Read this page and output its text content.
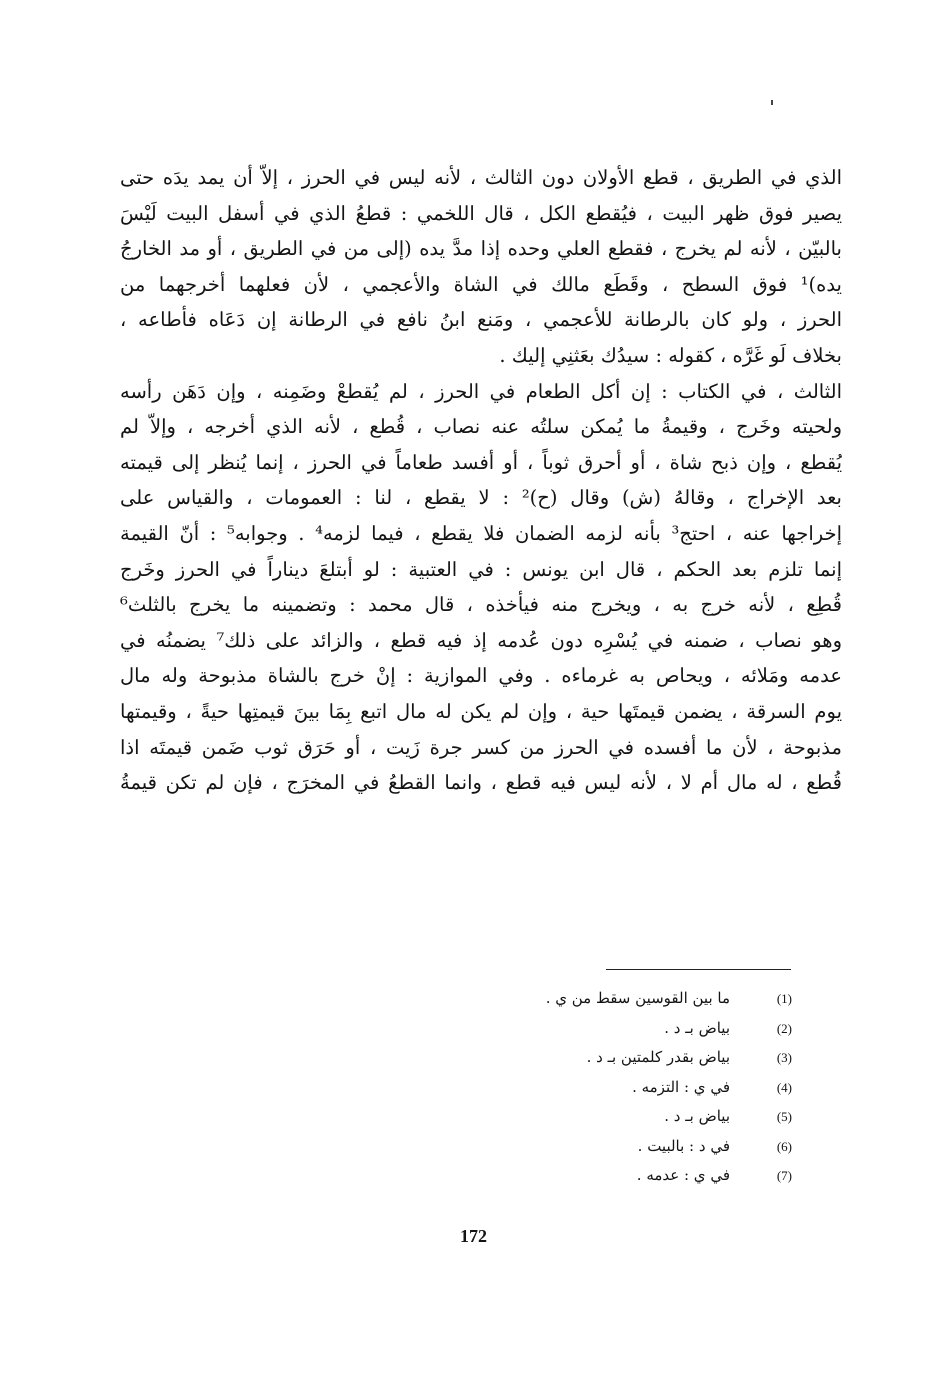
الذي في الطريق ، قطع الأولان دون الثالث ، لأنه ليس في الحرز ، إلاّ أن يمد يدَه حتى
يصير فوق ظهر البيت ، فيُقطع الكل ، قال اللخمي : قطعُ الذي في أسفل البيت لَيْسَ
بالبيّن ، لأنه لم يخرج ، فقطع العلي وحده إذا مدَّ يده (إلى من في الطريق ، أو مد الخارجُ
يده)¹ فوق السطح ، وقَطَع مالك في الشاة والأعجمي ، لأن فعلهما أخرجهما من
الحرز ، ولو كان بالرطانة للأعجمي ، ومَنع ابنُ نافع في الرطانة إن دَعَاه فأطاعه ،
بخلاف لَو غَرَّه ، كقوله : سيدُك بعَثنِي إليك .

الثالث ، في الكتاب : إن أكل الطعام في الحرز ، لم يُقطعْ وضَمِنه ، وإن دَهَن رأسه
ولحيته وخَرج ، وقيمةُ ما يُمكن سلتُه عنه نصاب ، قُطع ، لأنه الذي أخرجه ، وإلاّ لم
يُقطع ، وإن ذبح شاة ، أو أحرق ثوباً ، أو أفسد طعاماً في الحرز ، إنما يُنظر إلى قيمته
بعد الإخراج ، وقالهُ (ش) وقال (ح)² : لا يقطع ، لنا : العمومات ، والقياس على
إخراجها عنه ، احتج³ بأنه لزمه الضمان فلا يقطع ، فيما لزمه⁴ . وجوابه⁵ : أنّ القيمة
إنما تلزم بعد الحكم ، قال ابن يونس : في العتبية : لو أبتلعَ ديناراً في الحرز وخَرج
قُطِع ، لأنه خرج به ، ويخرج منه فيأخذه ، قال محمد : وتضمينه ما يخرج بالثلث⁶
وهو نصاب ، ضمنه في يُسْرِه دون عُدمه إذ فيه قطع ، والزائد على ذلك⁷ يضمنُه في
عدمه ومَلائه ، ويحاص به غرماءه . وفي الموازية : إنْ خرج بالشاة مذبوحة وله مال
يوم السرقة ، يضمن قيمتَها حية ، وإن لم يكن له مال اتبع بِمَا بينَ قيمتِها حيةً ، وقيمتها
مذبوحة ، لأن ما أفسده في الحرز من كسر جرة زَيت ، أو حَرَق ثوب ضَمن قيمتَه اذا
قُطع ، له مال أم لا ، لأنه ليس فيه قطع ، وانما القطعُ في المخرَج ، فإن لم تكن قيمةُ

(1)
ما بين القوسين سقط من ي .
(2)
بياض بـ د .
(3)
بياض بقدر كلمتين بـ د .
(4)
في ي : التزمه .
(5)
بياض بـ د .
(6)
في د : بالبيت .
(7)
في ي : عدمه .
172
